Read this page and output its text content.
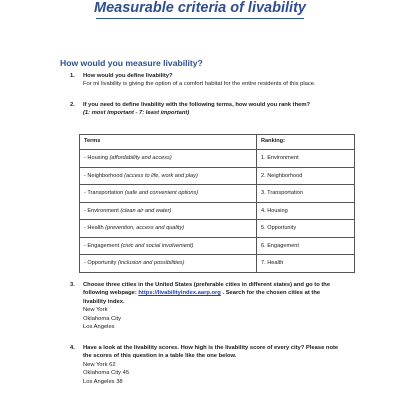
Measurable criteria of livability
How would you measure livability?
1. How would you define livability?
For mi livability is giving the option of a comfort habitat for the entire residents of this place.
2. If you need to define livability with the following terms, how would you rank them?
(1: most important - 7: least important)
Terms	Ranking:
- Housing (affordability and access)	1. Environment
- Neighborhood (access to life, work and play)	2. Neighborhood
- Transportation (safe and convenient options)	3. Transportation
- Environment (clean air and water)	4. Housing
- Health (prevention, access and quality)	5. Opportunity
- Engagement (civic and social involvement)	6. Engagement
- Opportunity (inclusion and possibilities)	7. Health
3. Choose three cities in the United States (preferable cities in different states) and go to the following webpage: https://livabilityindex.aarp.org . Search for the chosen cities at the livability index.
New York
Oklahoma City
Los Angeles
4. Have a look at the livability scores. How high is the livability score of every city? Please note the scores of this question in a table like the one below.
New York 62
Oklahoma City 45
Los Angeles 38
